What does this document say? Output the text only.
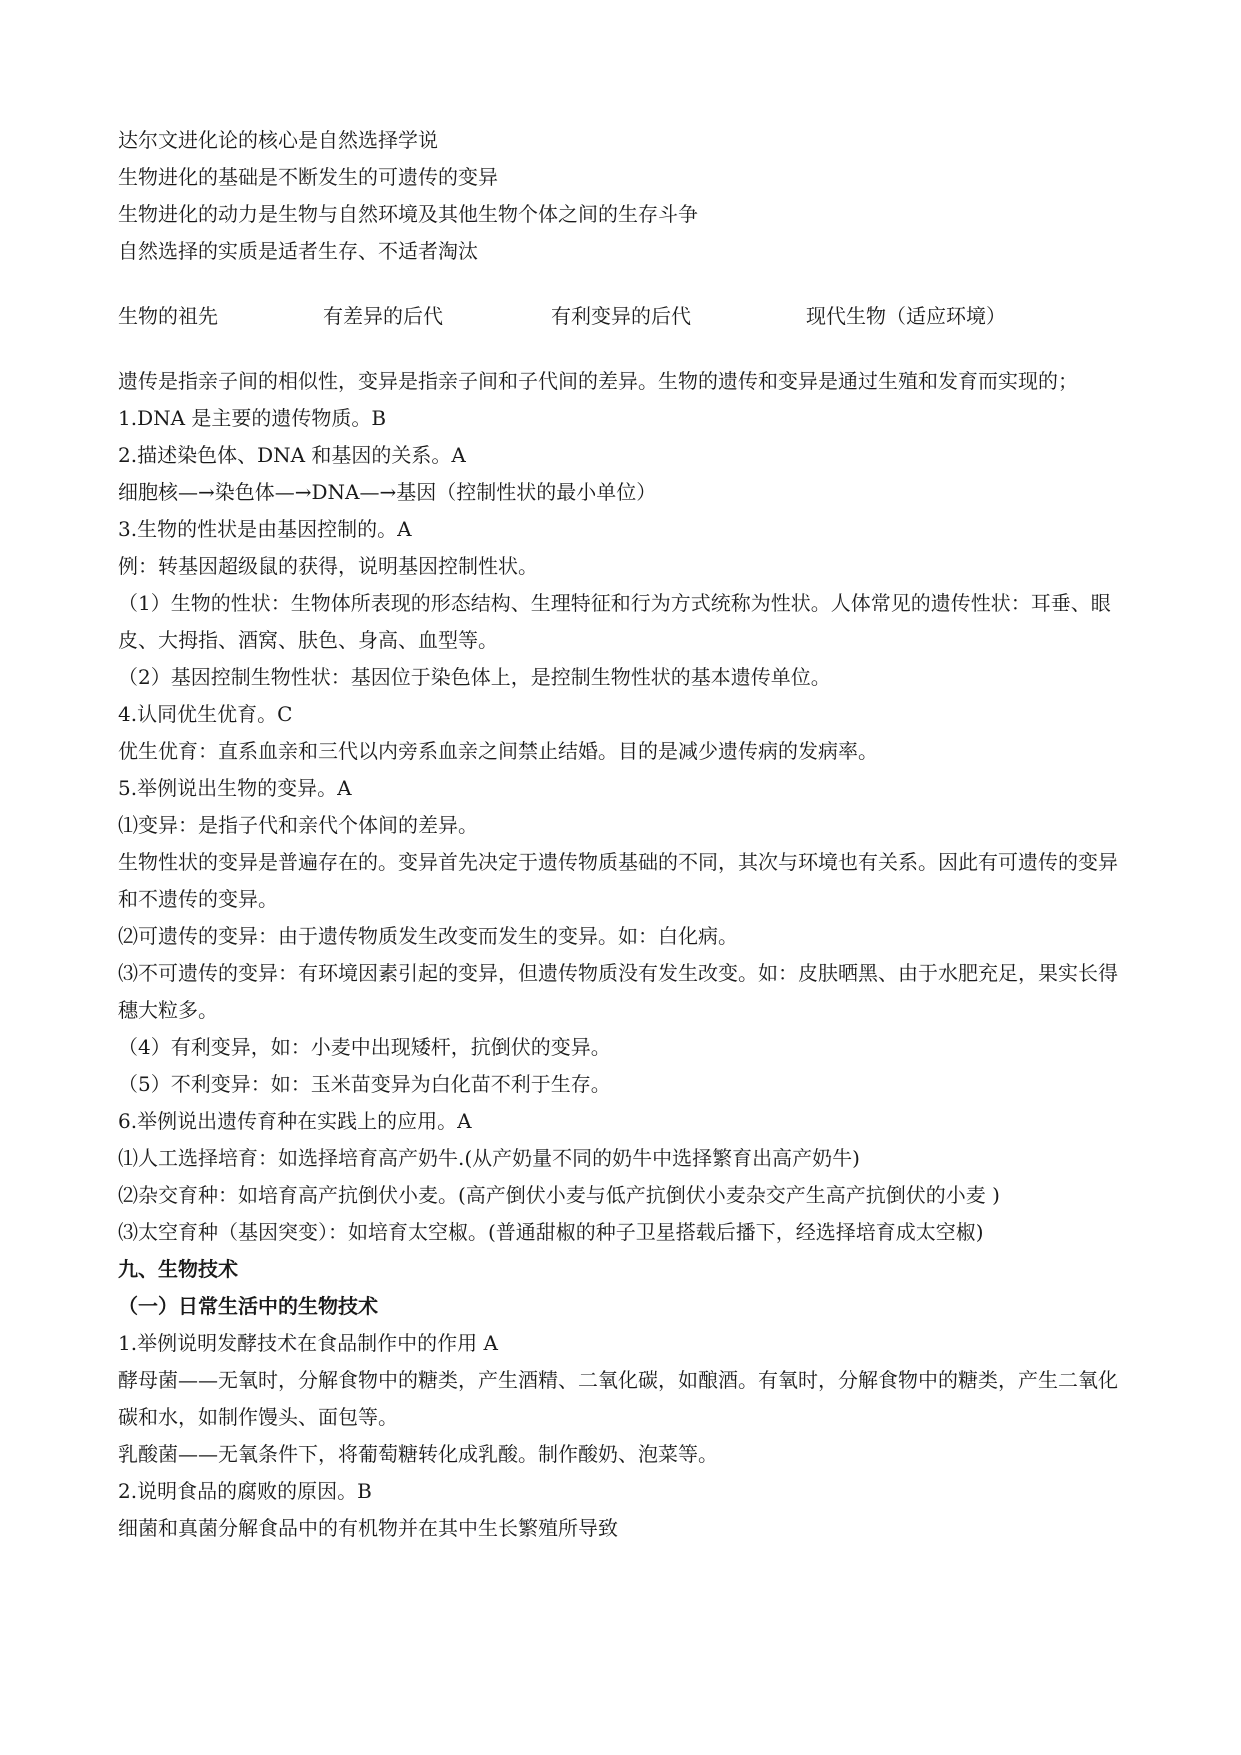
达尔文进化论的核心是自然选择学说

生物进化的基础是不断发生的可遗传的变异

生物进化的动力是生物与自然环境及其他生物个体之间的生存斗争

自然选择的实质是适者生存、不适者淘汰

生物的祖先	有差异的后代	有利变异的后代	现代生物（适应环境）

遗传是指亲子间的相似性，变异是指亲子间和子代间的差异。生物的遗传和变异是通过生殖和发育而实现的；

1.DNA 是主要的遗传物质。B

2.描述染色体、DNA 和基因的关系。A

细胞核—→染色体—→DNA—→基因（控制性状的最小单位）

3.生物的性状是由基因控制的。A

例：转基因超级鼠的获得，说明基因控制性状。

（1）生物的性状：生物体所表现的形态结构、生理特征和行为方式统称为性状。人体常见的遗传性状：耳垂、眼皮、大拇指、酒窝、肤色、身高、血型等。

（2）基因控制生物性状：基因位于染色体上，是控制生物性状的基本遗传单位。

4.认同优生优育。C

优生优育：直系血亲和三代以内旁系血亲之间禁止结婚。目的是减少遗传病的发病率。

5.举例说出生物的变异。A

⑴变异：是指子代和亲代个体间的差异。

生物性状的变异是普遍存在的。变异首先决定于遗传物质基础的不同，其次与环境也有关系。因此有可遗传的变异和不遗传的变异。

⑵可遗传的变异：由于遗传物质发生改变而发生的变异。如：白化病。

⑶不可遗传的变异：有环境因素引起的变异，但遗传物质没有发生改变。如：皮肤晒黑、由于水肥充足，果实长得穗大粒多。

（4）有利变异，如：小麦中出现矮杆，抗倒伏的变异。

（5）不利变异：如：玉米苗变异为白化苗不利于生存。

6.举例说出遗传育种在实践上的应用。A

⑴人工选择培育：如选择培育高产奶牛.(从产奶量不同的奶牛中选择繁育出高产奶牛)

⑵杂交育种：如培育高产抗倒伏小麦。(高产倒伏小麦与低产抗倒伏小麦杂交产生高产抗倒伏的小麦 )

⑶太空育种（基因突变）：如培育太空椒。(普通甜椒的种子卫星搭载后播下，经选择培育成太空椒)

九、生物技术

（一）日常生活中的生物技术

1.举例说明发酵技术在食品制作中的作用 A

酵母菌——无氧时，分解食物中的糖类，产生酒精、二氧化碳，如酿酒。有氧时，分解食物中的糖类，产生二氧化碳和水，如制作馒头、面包等。

乳酸菌——无氧条件下，将葡萄糖转化成乳酸。制作酸奶、泡菜等。

2.说明食品的腐败的原因。B

细菌和真菌分解食品中的有机物并在其中生长繁殖所导致
